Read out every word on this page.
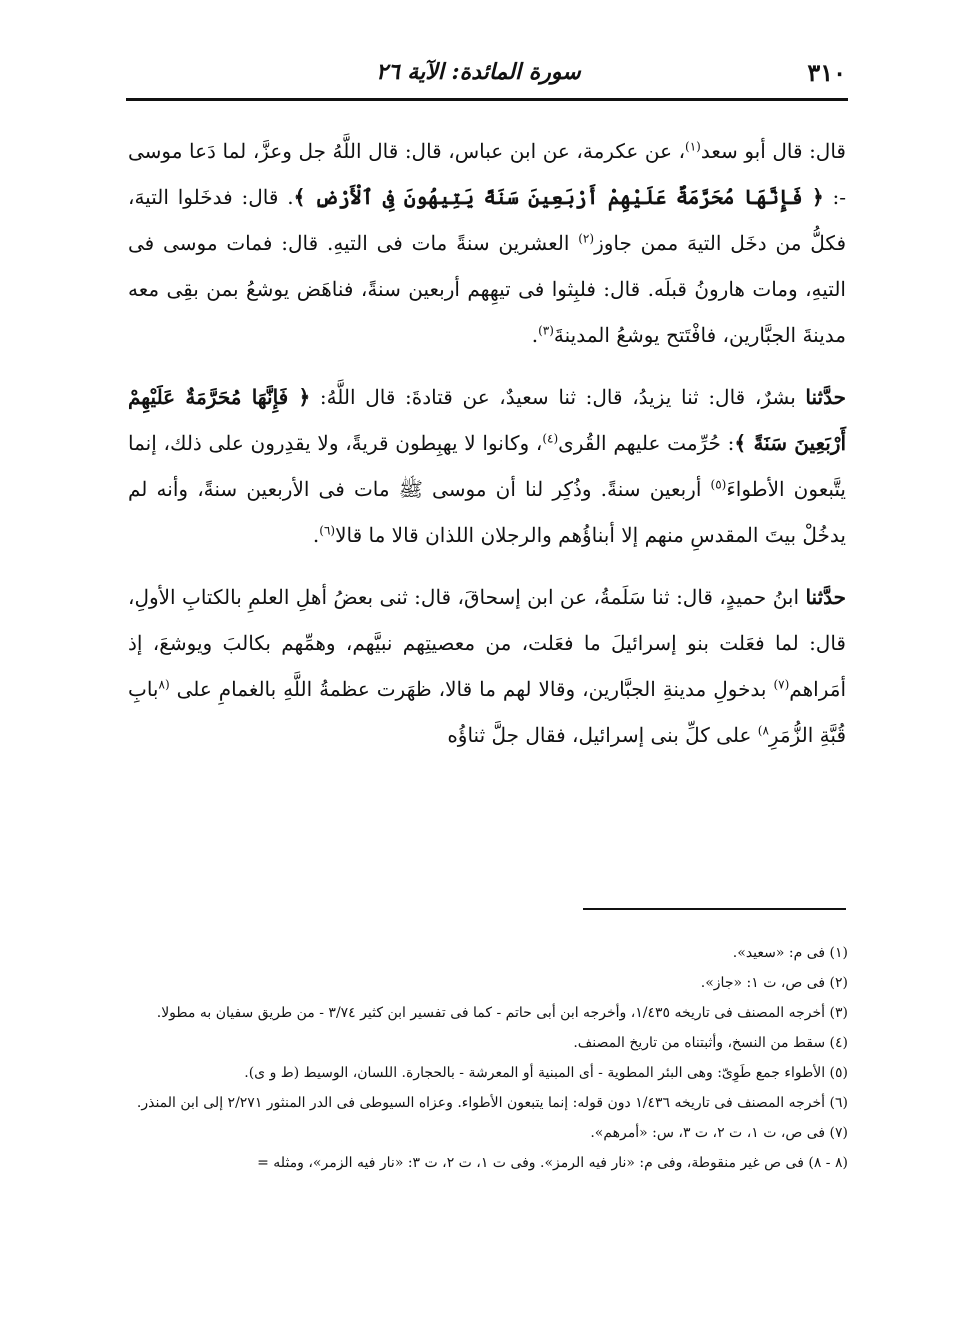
٣١٠
سورة المائدة: الآية ٢٦

قال: قال أبو سعد$^{(١)}$، عن عكرمة، عن ابن عباس، قال: قال اللَّهُ جل وعزَّ، لما دَعا موسى -: ﴿ فَإِنَّهَا مُحَرَّمَةٌ عَلَيْهِمْ أَرْبَعِينَ سَنَةً يَتِيهُونَ فِى ٱلْأَرْضِ ﴾. قال: فدخَلوا التيهَ، فكلُّ من دخَل التيهَ ممن جاوز$^{(٢)}$ العشرين سنةً مات فى التيهِ. قال: فمات موسى فى التيهِ، ومات هارونُ قبلَه. قال: فلبِثوا فى تيهِهم أربعين سنةً، فناهَض يوشعُ بمن بقِى معه مدينةَ الجبَّارين، فافْتَتح يوشعُ المدينةَ$^{(٣)}$.

حدَّثنا بشرٌ، قال: ثنا يزيدُ، قال: ثنا سعيدٌ، عن قتادةَ: قال اللَّهُ: ﴿ فَإِنَّهَا مُحَرَّمَةٌ عَلَيْهِمْ أَرْبَعِينَ سَنَةً ﴾: حُرِّمت عليهم القُرى$^{(٤)}$، وكانوا لا يهبِطون قريةً، ولا يقدِرون على ذلك، إنما يتَّبعون الأطواءَ$^{(٥)}$ أربعين سنةً. وذُكِر لنا أن موسى ﷺ مات فى الأربعين سنةً، وأنه لم يدخُلْ بيتَ المقدسِ منهم إلا أبناؤُهم والرجلان اللذان قالا ما قالا$^{(٦)}$.

حدَّثنا ابنُ حميدٍ، قال: ثنا سَلَمةُ، عن ابن إسحاقَ، قال: ثنى بعضُ أهلِ العلمِ بالكتابِ الأولِ، قال: لما فعَلت بنو إسرائيلَ ما فعَلت، من معصيتِهم نبيَّهم، وهمِّهم بكالبَ ويوشعَ، إذ أمَراهم$^{(٧)}$ بدخولِ مدينةِ الجبَّارين، وقالا لهم ما قالا، ظهَرت عظمةُ اللَّهِ بالغمامِ على $^{(٨}$بابِ قُبَّةِ الزُّمَرِ$^{٨)}$ على كلِّ بنى إسرائيل، فقال جلَّ ثناؤُه

(١) فى م: «سعيد».

(٢) فى ص، ت ١: «جاز».

(٣) أخرجه المصنف فى تاريخه ١/٤٣٥، وأخرجه ابن أبى حاتم - كما فى تفسير ابن كثير ٣/٧٤ - من طريق سفيان به مطولا.

(٤) سقط من النسخ، وأثبتناه من تاريخ المصنف.

(٥) الأطواء جمع طَوِىّ: وهى البئر المطوية - أى المبنية أو المعرشة - بالحجارة. اللسان، الوسيط (ط و ى).

(٦) أخرجه المصنف فى تاريخه ١/٤٣٦ دون قوله: إنما يتبعون الأطواء. وعزاه السيوطى فى الدر المنثور ٢/٢٧١ إلى ابن المنذر.

(٧) فى ص، ت ١، ت ٢، ت ٣، س: «أمرهم».

(٨ - ٨) فى ص غير منقوطة، وفى م: «نار فيه الرمز». وفى ت ١، ت ٢، ت ٣: «نار فيه الزمر»، ومثله =
